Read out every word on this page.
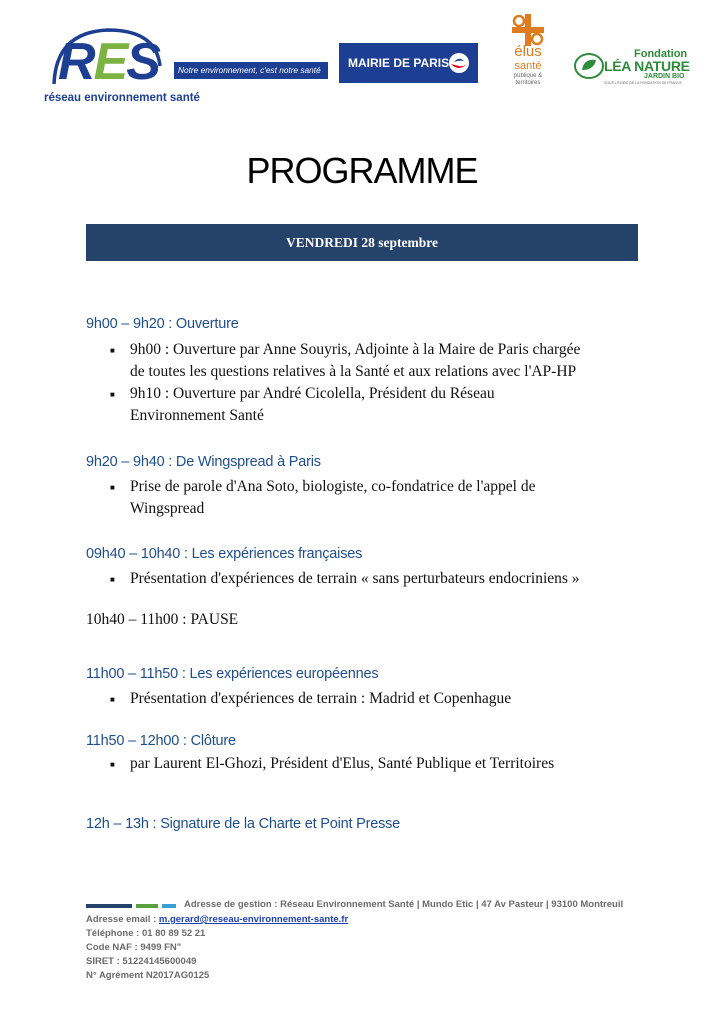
RES
réseau environnement santé
Notre environnement, c'est notre santé	MAIRIE DE PARIS
élus
santé
publique &
territoires
Fondation
LÉA NATURE
JARDIN BIO
SOUS L'ÉGIDE DE LA FONDATION DE FRANCE
PROGRAMME
VENDREDI 28 septembre
9h00 – 9h20 : Ouverture
■ 9h00 : Ouverture par Anne Souyris, Adjointe à la Maire de Paris chargée
de toutes les questions relatives à la Santé et aux relations avec l'AP-HP
■ 9h10 : Ouverture par André Cicolella, Président du Réseau
Environnement Santé
9h20 – 9h40 : De Wingspread à Paris
■ Prise de parole d'Ana Soto, biologiste, co-fondatrice de l'appel de
Wingspread
09h40 – 10h40 : Les expériences françaises
■ Présentation d'expériences de terrain « sans perturbateurs endocriniens »
10h40 – 11h00 : PAUSE
11h00 – 11h50 : Les expériences européennes
■ Présentation d'expériences de terrain : Madrid et Copenhague
11h50 – 12h00 : Clôture
■ par Laurent El-Ghozi, Président d'Elus, Santé Publique et Territoires
12h – 13h : Signature de la Charte et Point Presse
Adresse de gestion : Réseau Environnement Santé | Mundo Etic | 47 Av Pasteur | 93100 Montreuil
Adresse email : m.gerard@reseau-environnement-sante.fr
Téléphone : 01 80 89 52 21
Code NAF : 9499 FN"
SIRET : 51224145600049
N° Agrément N2017AG0125
